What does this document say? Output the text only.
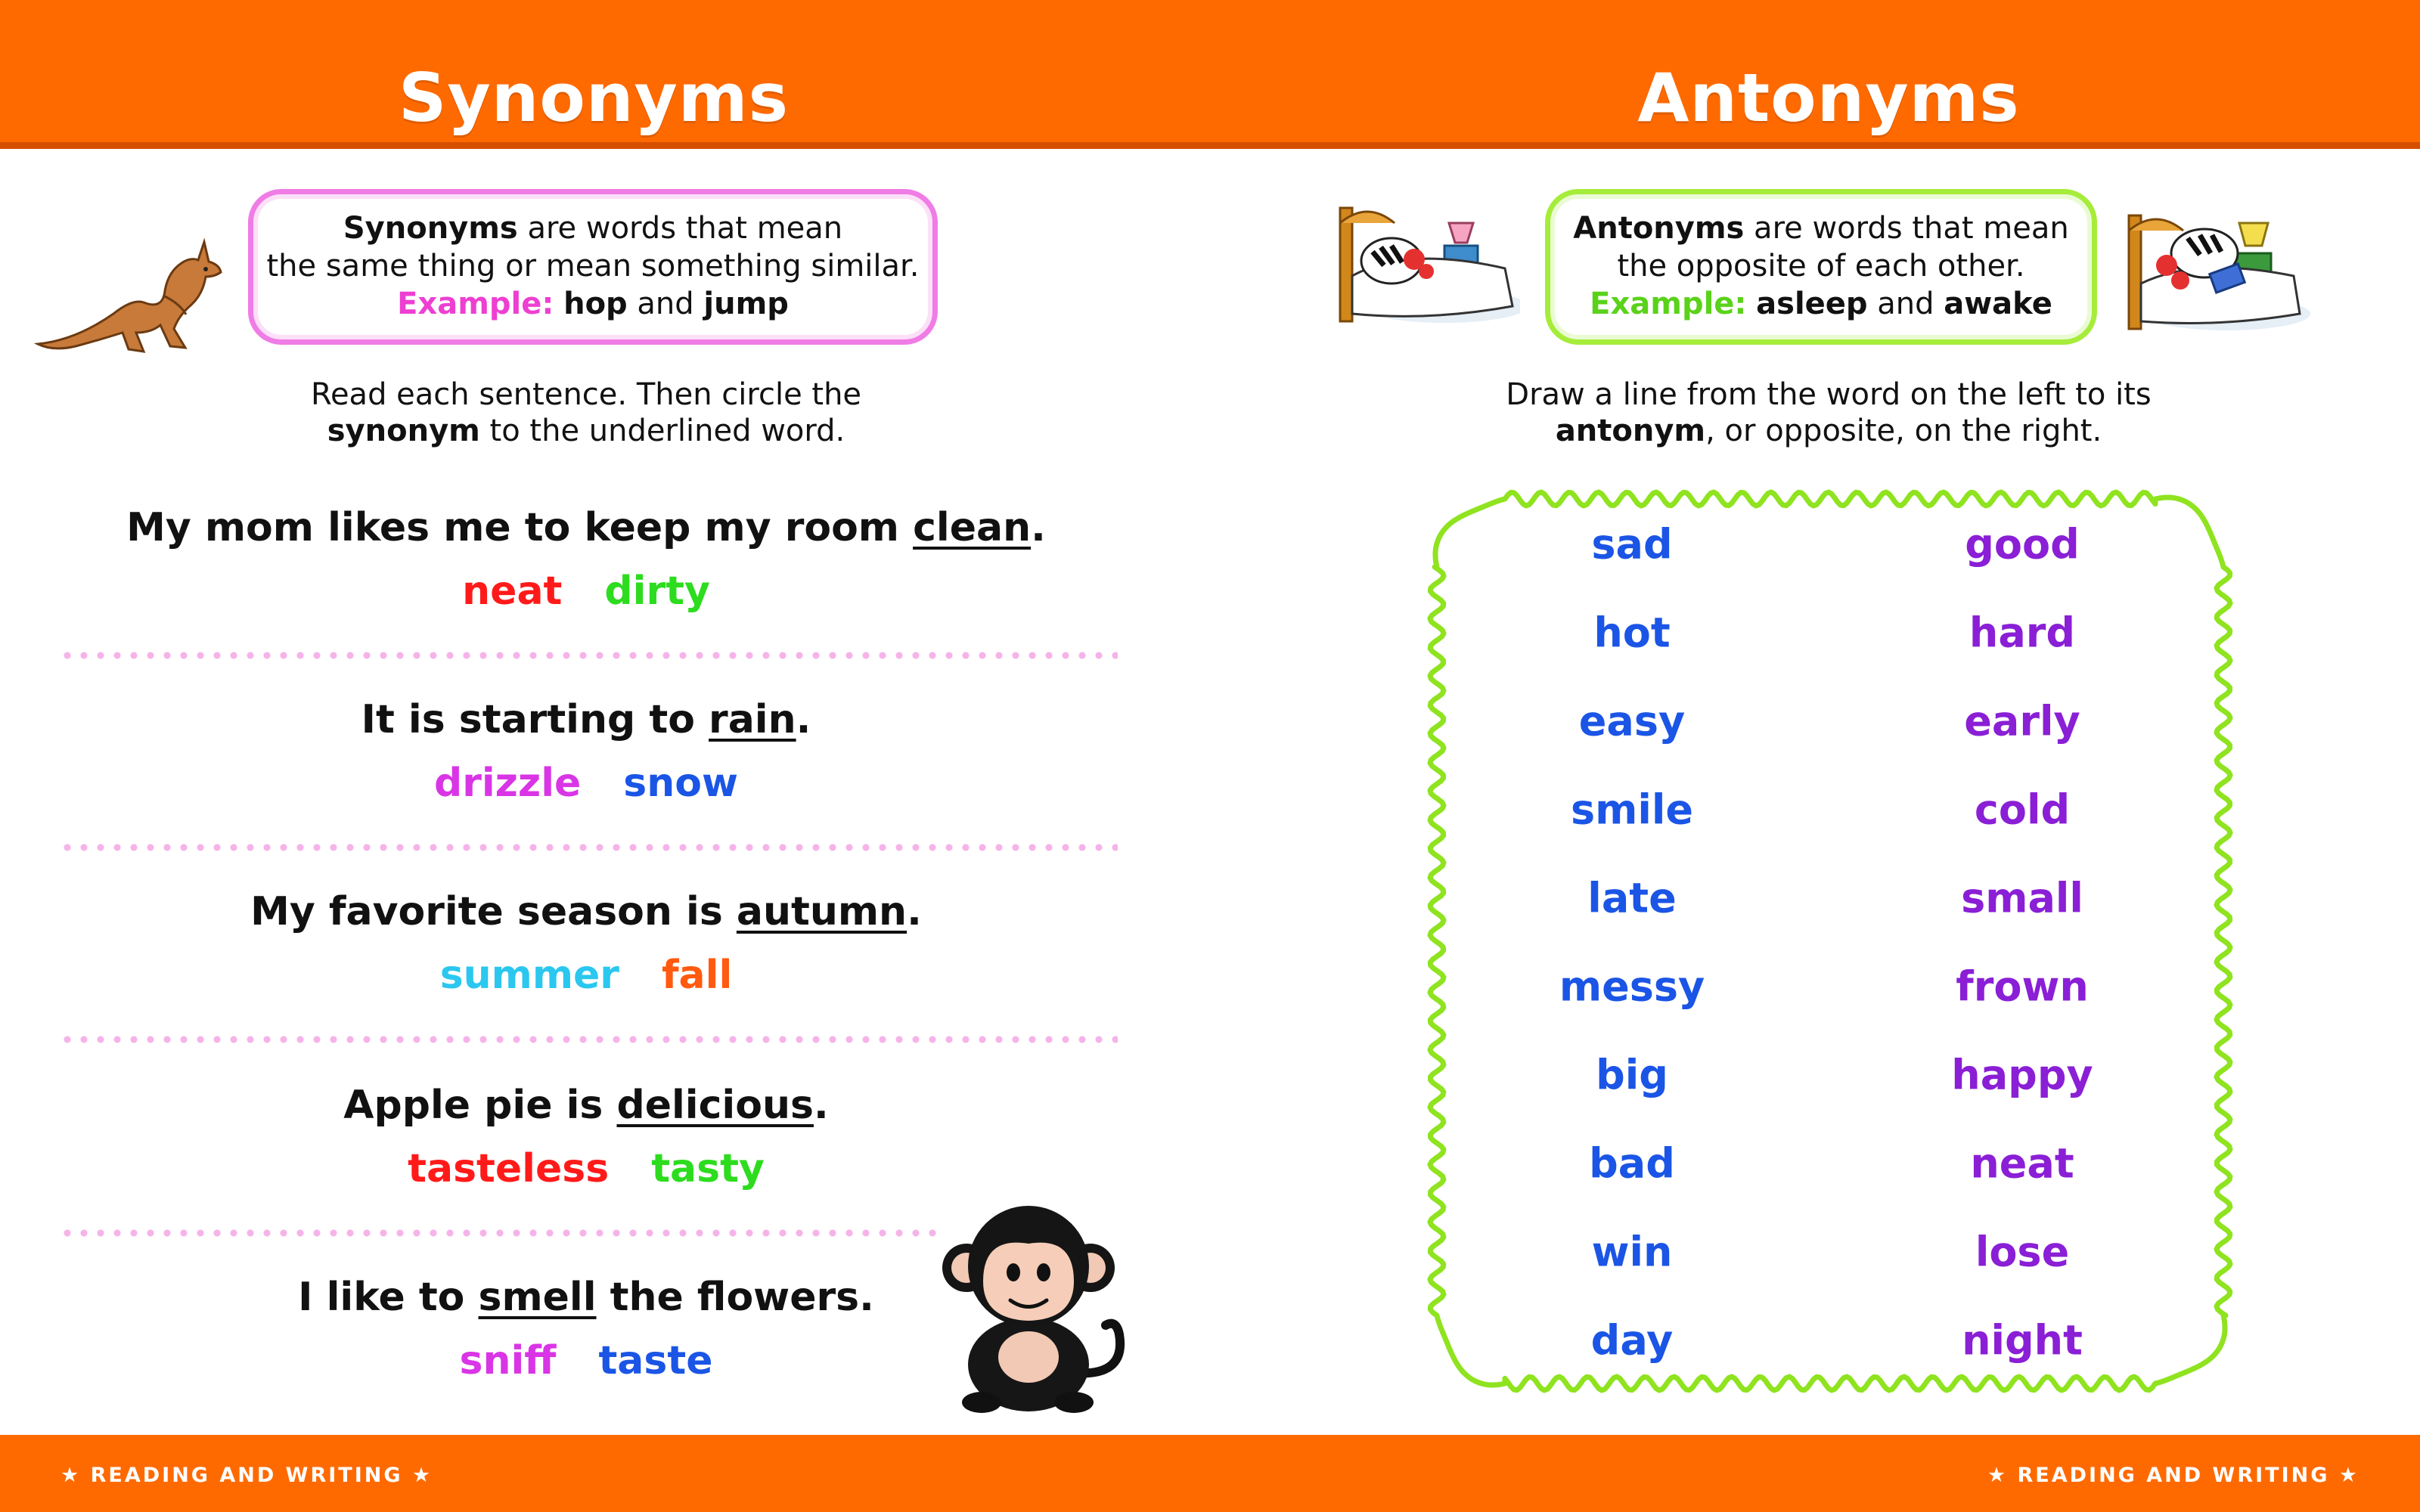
Synonyms	Antonyms
Synonyms are words that mean
the same thing or mean something similar.
Example: hop and jump
Read each sentence. Then circle the
synonym to the underlined word.
My mom likes me to keep my room clean.
neat dirty
It is starting to rain.
drizzle snow
My favorite season is autumn.
summer fall
Apple pie is delicious.
tasteless tasty
I like to smell the flowers.
sniff taste
Antonyms are words that mean
the opposite of each other.
Example: asleep and awake
Draw a line from the word on the left to its
antonym, or opposite, on the right.
sad
hot
easy
smile
late
messy
big
bad
win
day
good
hard
early
cold
small
frown
happy
neat
lose
night
★ READING AND WRITING ★	★ READING AND WRITING ★
